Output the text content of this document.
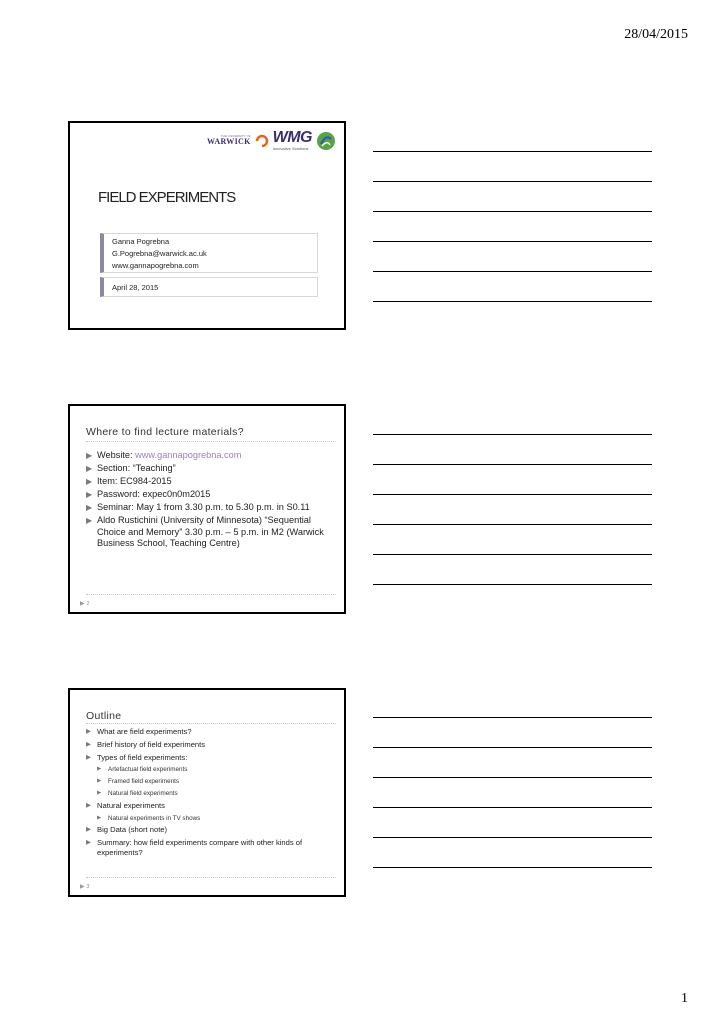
28/04/2015
THE UNIVERSITY OF
WARWICK WMG
Innovative Solutions
FIELD EXPERIMENTS
Ganna Pogrebna
G.Pogrebna@warwick.ac.uk
www.gannapogrebna.com
April 28, 2015
Where to find lecture materials?
▶ Website: www.gannapogrebna.com
▶ Section: “Teaching”
▶ Item: EC984-2015
▶ Password: expec0n0m2015
▶ Seminar: May 1 from 3.30 p.m. to 5.30 p.m. in S0.11
▶ Aldo Rustichini (University of Minnesota) “Sequential Choice and Memory” 3.30 p.m. – 5 p.m. in M2 (Warwick Business School, Teaching Centre)
▶ 2
Outline
▶ What are field experiments?
▶ Brief history of field experiments
▶ Types of field experiments:
▶ Artefactual field experiments
▶ Framed field experiments
▶ Natural field experiments
▶ Natural experiments
▶ Natural experiments in TV shows
▶ Big Data (short note)
▶ Summary: how field experiments compare with other kinds of experiments?
▶ 3
1
